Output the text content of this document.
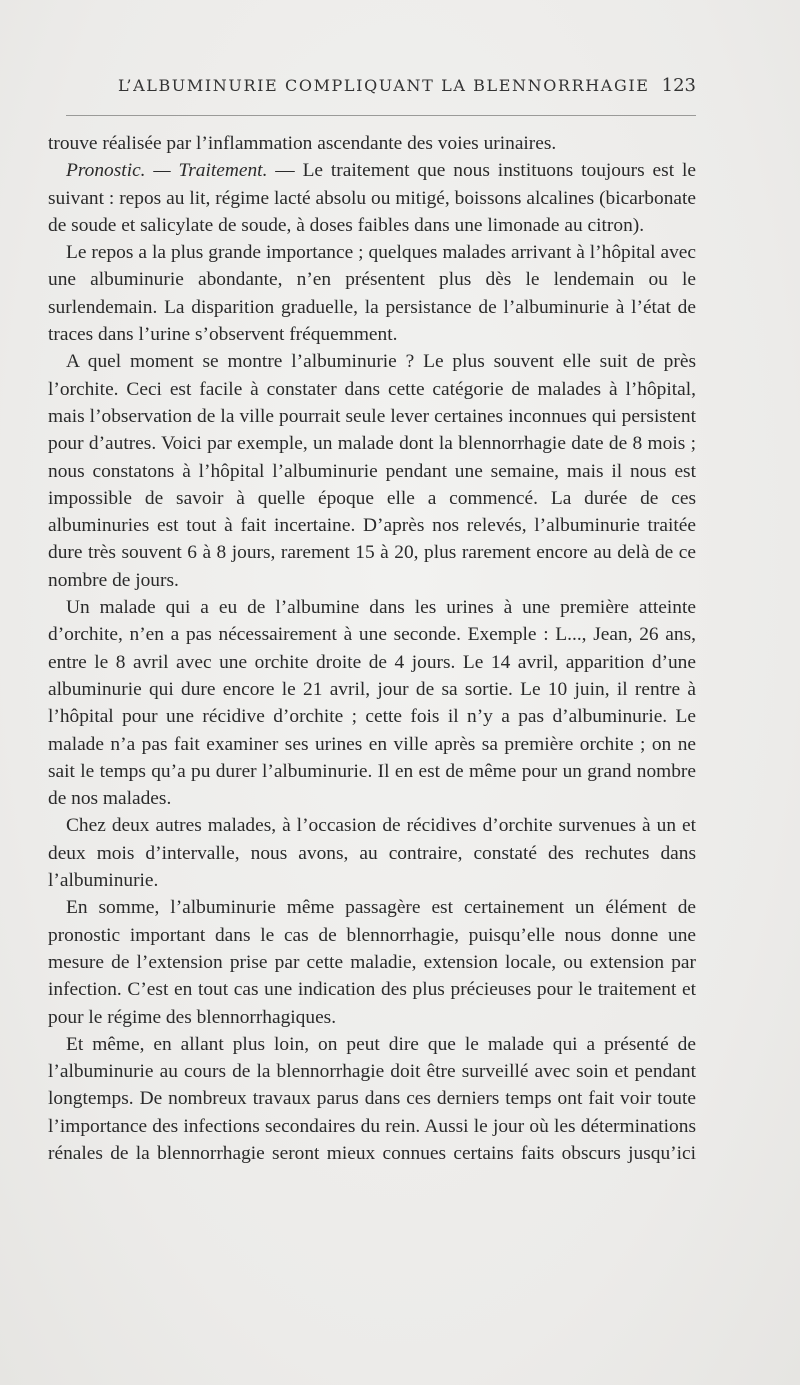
L’ALBUMINURIE COMPLIQUANT LA BLENNORRHAGIE 123

trouve réalisée par l’inflammation ascendante des voies urinaires.

Pronostic. — Traitement. — Le traitement que nous instituons toujours est le suivant : repos au lit, régime lacté absolu ou mitigé, boissons alcalines (bicarbonate de soude et salicylate de soude, à doses faibles dans une limonade au citron).

Le repos a la plus grande importance ; quelques malades arrivant à l’hôpital avec une albuminurie abondante, n’en présentent plus dès le lendemain ou le surlendemain. La disparition graduelle, la persistance de l’albuminurie à l’état de traces dans l’urine s’observent fréquemment.

A quel moment se montre l’albuminurie ? Le plus souvent elle suit de près l’orchite. Ceci est facile à constater dans cette catégorie de malades à l’hôpital, mais l’observation de la ville pourrait seule lever certaines inconnues qui persistent pour d’autres. Voici par exemple, un malade dont la blennorrhagie date de 8 mois ; nous constatons à l’hôpital l’albuminurie pendant une semaine, mais il nous est impossible de savoir à quelle époque elle a commencé. La durée de ces albuminuries est tout à fait incertaine. D’après nos relevés, l’albuminurie traitée dure très souvent 6 à 8 jours, rarement 15 à 20, plus rarement encore au delà de ce nombre de jours.

Un malade qui a eu de l’albumine dans les urines à une première atteinte d’orchite, n’en a pas nécessairement à une seconde. Exemple : L..., Jean, 26 ans, entre le 8 avril avec une orchite droite de 4 jours. Le 14 avril, apparition d’une albuminurie qui dure encore le 21 avril, jour de sa sortie. Le 10 juin, il rentre à l’hôpital pour une récidive d’orchite ; cette fois il n’y a pas d’albuminurie. Le malade n’a pas fait examiner ses urines en ville après sa première orchite ; on ne sait le temps qu’a pu durer l’albuminurie. Il en est de même pour un grand nombre de nos malades.

Chez deux autres malades, à l’occasion de récidives d’orchite survenues à un et deux mois d’intervalle, nous avons, au contraire, constaté des rechutes dans l’albuminurie.

En somme, l’albuminurie même passagère est certainement un élément de pronostic important dans le cas de blennorrhagie, puisqu’elle nous donne une mesure de l’extension prise par cette maladie, extension locale, ou extension par infection. C’est en tout cas une indication des plus précieuses pour le traitement et pour le régime des blennorrhagiques.

Et même, en allant plus loin, on peut dire que le malade qui a présenté de l’albuminurie au cours de la blennorrhagie doit être surveillé avec soin et pendant longtemps. De nombreux travaux parus dans ces derniers temps ont fait voir toute l’importance des infections secondaires du rein. Aussi le jour où les déterminations rénales de la blennorrhagie seront mieux connues certains faits obscurs jusqu’ici
